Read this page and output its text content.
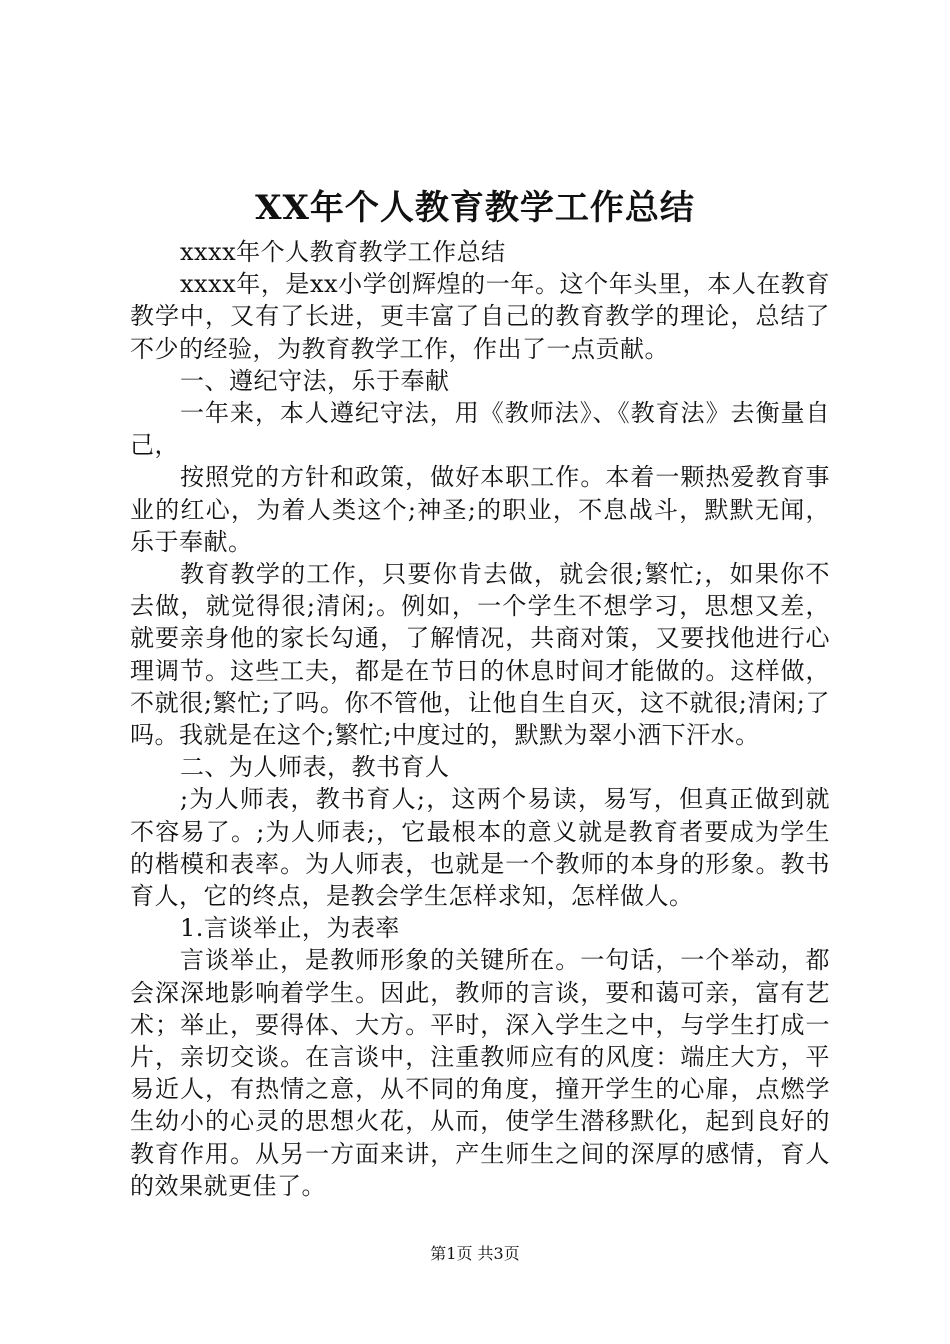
XX年个人教育教学工作总结

xxxx年个人教育教学工作总结

xxxx年，是xx小学创辉煌的一年。这个年头里，本人在教育教学中，又有了长进，更丰富了自己的教育教学的理论，总结了不少的经验，为教育教学工作，作出了一点贡献。

一、遵纪守法，乐于奉献

一年来，本人遵纪守法，用《教师法》、《教育法》去衡量自己，

按照党的方针和政策，做好本职工作。本着一颗热爱教育事业的红心，为着人类这个;神圣;的职业，不息战斗，默默无闻，乐于奉献。

教育教学的工作，只要你肯去做，就会很;繁忙;，如果你不去做，就觉得很;清闲;。例如，一个学生不想学习，思想又差，就要亲身他的家长勾通，了解情况，共商对策，又要找他进行心理调节。这些工夫，都是在节日的休息时间才能做的。这样做，不就很;繁忙;了吗。你不管他，让他自生自灭，这不就很;清闲;了吗。我就是在这个;繁忙;中度过的，默默为翠小洒下汗水。

二、为人师表，教书育人

;为人师表，教书育人;，这两个易读，易写，但真正做到就不容易了。;为人师表;，它最根本的意义就是教育者要成为学生的楷模和表率。为人师表，也就是一个教师的本身的形象。教书育人，它的终点，是教会学生怎样求知，怎样做人。

1.言谈举止，为表率

言谈举止，是教师形象的关键所在。一句话，一个举动，都会深深地影响着学生。因此，教师的言谈，要和蔼可亲，富有艺术；举止，要得体、大方。平时，深入学生之中，与学生打成一片，亲切交谈。在言谈中，注重教师应有的风度：端庄大方，平易近人，有热情之意，从不同的角度，撞开学生的心扉，点燃学生幼小的心灵的思想火花，从而，使学生潜移默化，起到良好的教育作用。从另一方面来讲，产生师生之间的深厚的感情，育人的效果就更佳了。

第1页 共3页
